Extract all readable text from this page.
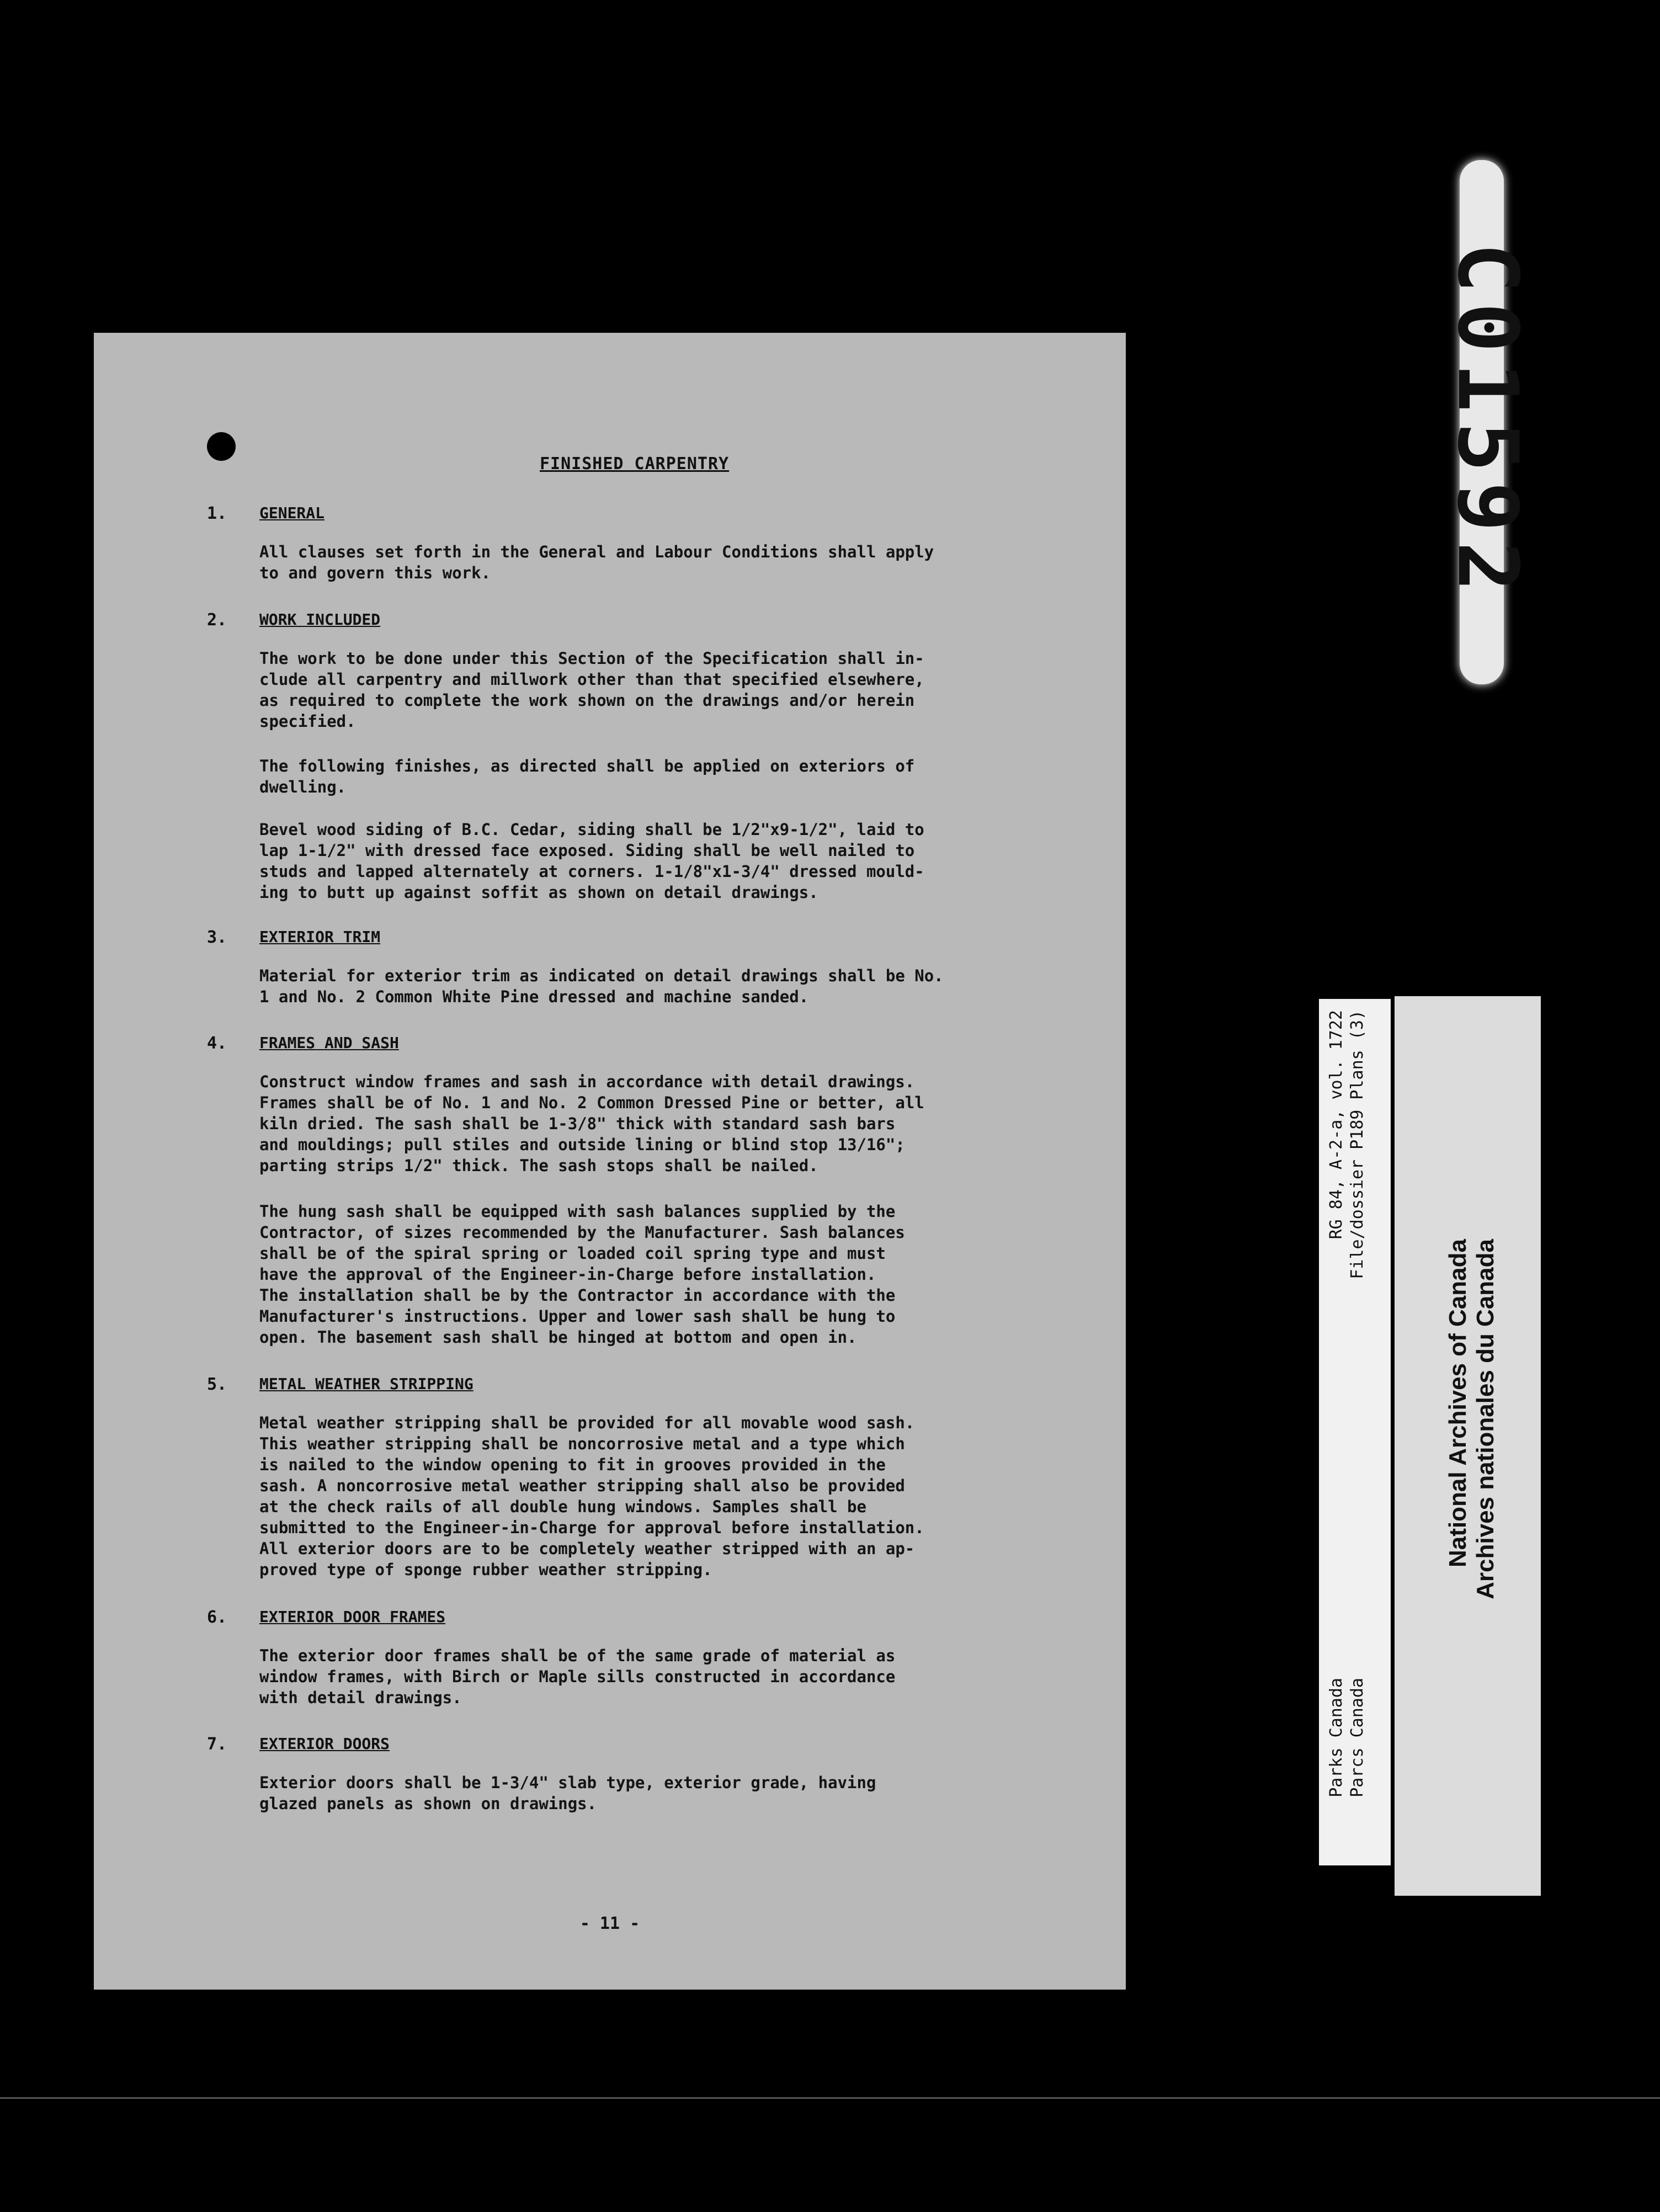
FINISHED CARPENTRY
1. GENERAL

All clauses set forth in the General and Labour Conditions shall apply
to and govern this work.

2. WORK INCLUDED

The work to be done under this Section of the Specification shall in-
clude all carpentry and millwork other than that specified elsewhere,
as required to complete the work shown on the drawings and/or herein
specified.

The following finishes, as directed shall be applied on exteriors of
dwelling.

Bevel wood siding of B.C. Cedar, siding shall be 1/2"x9-1/2", laid to
lap 1-1/2" with dressed face exposed. Siding shall be well nailed to
studs and lapped alternately at corners. 1-1/8"x1-3/4" dressed mould-
ing to butt up against soffit as shown on detail drawings.

3. EXTERIOR TRIM

Material for exterior trim as indicated on detail drawings shall be No.
1 and No. 2 Common White Pine dressed and machine sanded.

4. FRAMES AND SASH

Construct window frames and sash in accordance with detail drawings.
Frames shall be of No. 1 and No. 2 Common Dressed Pine or better, all
kiln dried. The sash shall be 1-3/8" thick with standard sash bars
and mouldings; pull stiles and outside lining or blind stop 13/16";
parting strips 1/2" thick. The sash stops shall be nailed.

The hung sash shall be equipped with sash balances supplied by the
Contractor, of sizes recommended by the Manufacturer. Sash balances
shall be of the spiral spring or loaded coil spring type and must
have the approval of the Engineer-in-Charge before installation.
The installation shall be by the Contractor in accordance with the
Manufacturer's instructions. Upper and lower sash shall be hung to
open. The basement sash shall be hinged at bottom and open in.

5. METAL WEATHER STRIPPING

Metal weather stripping shall be provided for all movable wood sash.
This weather stripping shall be noncorrosive metal and a type which
is nailed to the window opening to fit in grooves provided in the
sash. A noncorrosive metal weather stripping shall also be provided
at the check rails of all double hung windows. Samples shall be
submitted to the Engineer-in-Charge for approval before installation.
All exterior doors are to be completely weather stripped with an ap-
proved type of sponge rubber weather stripping.

6. EXTERIOR DOOR FRAMES

The exterior door frames shall be of the same grade of material as
window frames, with Birch or Maple sills constructed in accordance
with detail drawings.

7. EXTERIOR DOORS

Exterior doors shall be 1-3/4" slab type, exterior grade, having
glazed panels as shown on drawings.

- 11 -
C01592
RG 84, A-2-a, vol. 1722 File/dossier P189 Plans (3)
Parks Canada Parcs Canada
National Archives of Canada Archives nationales du Canada
